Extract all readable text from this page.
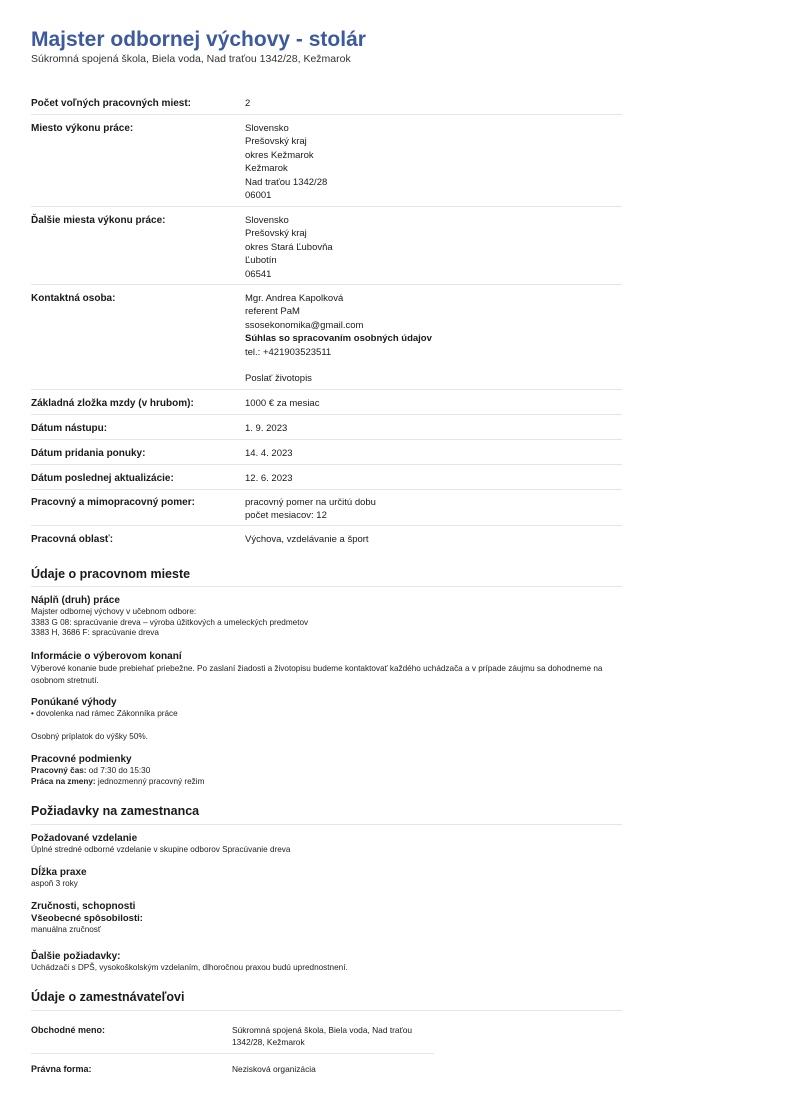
Majster odbornej výchovy - stolár

Súkromná spojená škola, Biela voda, Nad traťou 1342/28, Kežmarok

Počet voľných pracovných miest:	2
Miesto výkonu práce:	Slovensko
Prešovský kraj
okres Kežmarok
Kežmarok
Nad traťou 1342/28
06001
Ďalšie miesta výkonu práce:	Slovensko
Prešovský kraj
okres Stará Ľubovňa
Ľubotín
06541
Kontaktná osoba:	Mgr. Andrea Kapolková
referent PaM
ssosekonomika@gmail.com
Súhlas so spracovaním osobných údajov
tel.: +421903523511
Poslať životopis
Základná zložka mzdy (v hrubom):	1000 € za mesiac
Dátum nástupu:	1. 9. 2023
Dátum pridania ponuky:	14. 4. 2023
Dátum poslednej aktualizácie:	12. 6. 2023
Pracovný a mimopracovný pomer:	pracovný pomer na určitú dobu
počet mesiacov: 12
Pracovná oblasť:	Výchova, vzdelávanie a šport
Údaje o pracovnom mieste
Náplň (druh) práce
Majster odbornej výchovy v učebnom odbore:
3383 G 08: spracúvanie dreva – výroba úžitkových a umeleckých predmetov
3383 H, 3686 F: spracúvanie dreva
Informácie o výberovom konaní
Výberové konanie bude prebiehať priebežne. Po zaslaní žiadosti a životopisu budeme kontaktovať každého uchádzača a v prípade záujmu sa dohodneme na osobnom stretnutí.
Ponúkané výhody
• dovolenka nad rámec Zákonníka práce
Osobný príplatok do výšky 50%.
Pracovné podmienky
Pracovný čas: od 7:30 do 15:30
Práca na zmeny: jednozmenný pracovný režim
Požiadavky na zamestnanca
Požadované vzdelanie
Úplné stredné odborné vzdelanie v skupine odborov Spracúvanie dreva
Dĺžka praxe
aspoň 3 roky
Zručnosti, schopnosti
Všeobecné spôsobilosti:
manuálna zručnosť
Ďalšie požiadavky:
Uchádzači s DPŠ, vysokoškolským vzdelaním, dlhoročnou praxou budú uprednostnení.
Údaje o zamestnávateľovi
Obchodné meno:	Súkromná spojená škola, Biela voda, Nad traťou
1342/28, Kežmarok
Právna forma:	Nezisková organizácia
